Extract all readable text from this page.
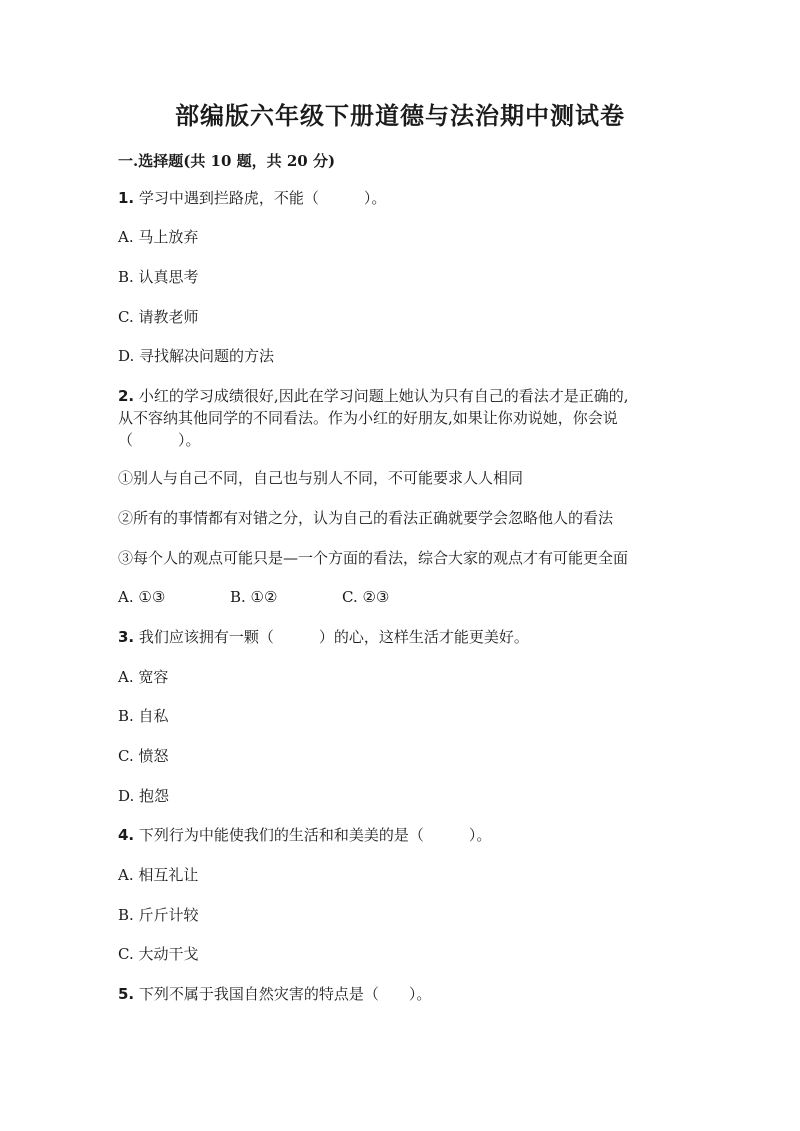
部编版六年级下册道德与法治期中测试卷
一.选择题(共 10 题，共 20 分)
1. 学习中遇到拦路虎，不能（　　　）。
A. 马上放弃
B. 认真思考
C. 请教老师
D. 寻找解决问题的方法
2. 小红的学习成绩很好,因此在学习问题上她认为只有自己的看法才是正确的,
从不容纳其他同学的不同看法。作为小红的好朋友,如果让你劝说她，你会说
（　　　）。
①别人与自己不同，自己也与别人不同，不可能要求人人相同
②所有的事情都有对错之分，认为自己的看法正确就要学会忽略他人的看法
③每个人的观点可能只是—一个方面的看法，综合大家的观点才有可能更全面
A. ①③	B. ①②	C. ②③
3. 我们应该拥有一颗（　　　）的心，这样生活才能更美好。
A. 宽容
B. 自私
C. 愤怒
D. 抱怨
4. 下列行为中能使我们的生活和和美美的是（　　　）。
A. 相互礼让
B. 斤斤计较
C. 大动干戈
5. 下列不属于我国自然灾害的特点是（　　）。
